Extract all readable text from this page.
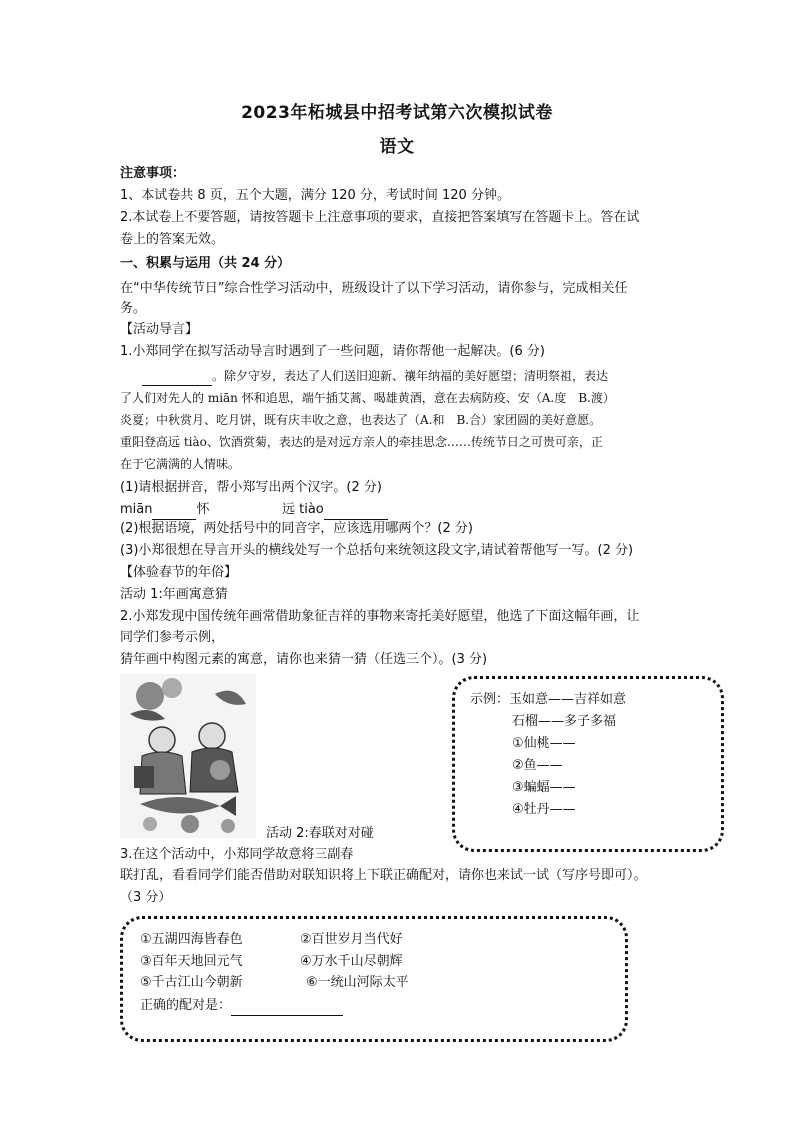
2023年柘城县中招考试第六次模拟试卷
语文
注意事项：
1、本试卷共 8 页，五个大题，满分 120 分，考试时间 120 分钟。
2.本试卷上不要答题，请按答题卡上注意事项的要求，直接把答案填写在答题卡上。答在试
卷上的答案无效。
一、积累与运用（共 24 分）
在“中华传统节日”综合性学习活动中，班级设计了以下学习活动，请你参与，完成相关任
务。
【活动导言】
1.小郑同学在拟写活动导言时遇到了一些问题，请你帮他一起解决。(6 分)
。除夕守岁，表达了人们送旧迎新、禳年纳福的美好愿望；清明祭祖，表达
了人们对先人的 miān 怀和追思，端午插艾蒿、喝雄黄酒，意在去病防疫、安（A.度　B.渡）
炎夏；中秋赏月、吃月饼，既有庆丰收之意，也表达了（A.和　B.合）家团圆的美好意愿。
重阳登高远 tiào、饮酒赏菊，表达的是对远方亲人的牵挂思念……传统节日之可贵可亲，正
在于它满满的人情味。
(1)请根据拼音，帮小郑写出两个汉字。(2 分)
miān	怀	远 tiào
(2)根据语境，两处括号中的同音字，应该选用哪两个？(2 分)
(3)小郑很想在导言开头的横线处写一个总括句来统领这段文字,请试着帮他写一写。(2 分)
【体验春节的年俗】
活动 1:年画寓意猜
2.小郑发现中国传统年画常借助象征吉祥的事物来寄托美好愿望，他选了下面这幅年画，让
同学们参考示例，
猜年画中构图元素的寓意，请你也来猜一猜（任选三个）。(3 分)
示例：玉如意——吉祥如意
石榴——多子多福
①仙桃——
②鱼——
③蝙蝠——
④牡丹——
活动 2:春联对对碰
3.在这个活动中，小郑同学故意将三副春
联打乱，看看同学们能否借助对联知识将上下联正确配对，请你也来试一试（写序号即可）。
（3 分）
①五湖四海皆春色	②百世岁月当代好
③百年天地回元气	④万水千山尽朝辉
⑤千古江山今朝新	⑥一统山河际太平
正确的配对是：
